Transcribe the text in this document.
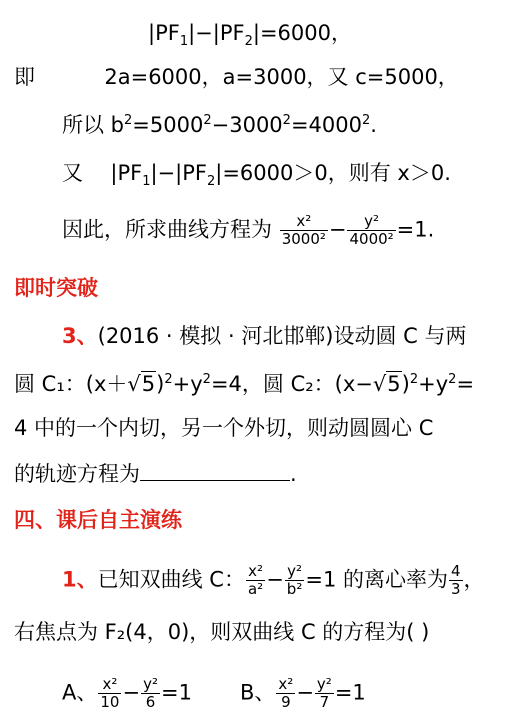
$|PF_1|-|PF_2|=6000$，
即	2a=6000，a=3000，又 c=5000，
所以 $b^2=5000^2-3000^2=4000^2$.
又 $|PF_1|-|PF_2|=6000>0$，则有 x＞0.
因此，所求曲线方程为 $\frac{\text{x²}}{\text{3000²}} - \frac{\text{y²}}{\text{4000²}} =1$.
即时突破
3、(2016 · 模拟 · 河北邯郸)设动圆 C 与两
圆 C₁：$(x+√5)^2+y^2=4$，圆 C₂：$(x-√5)^2+y^2=$
4 中的一个内切，另一个外切，则动圆圆心 C
的轨迹方程为	.
四、课后自主演练
1、已知双曲线 C： $\frac{\text{x²}}{\text{a²}} - \frac{\text{y²}}{\text{b²}} =1$ 的离心率为 $\frac{4}{3}$ ，
右焦点为 F₂(4，0)，则双曲线 C 的方程为( )
A、 $\frac{\text{x²}}{10} - \frac{\text{y²}}{6} =1$ B、 $\frac{\text{x²}}{9} - \frac{\text{y²}}{7} =1$
